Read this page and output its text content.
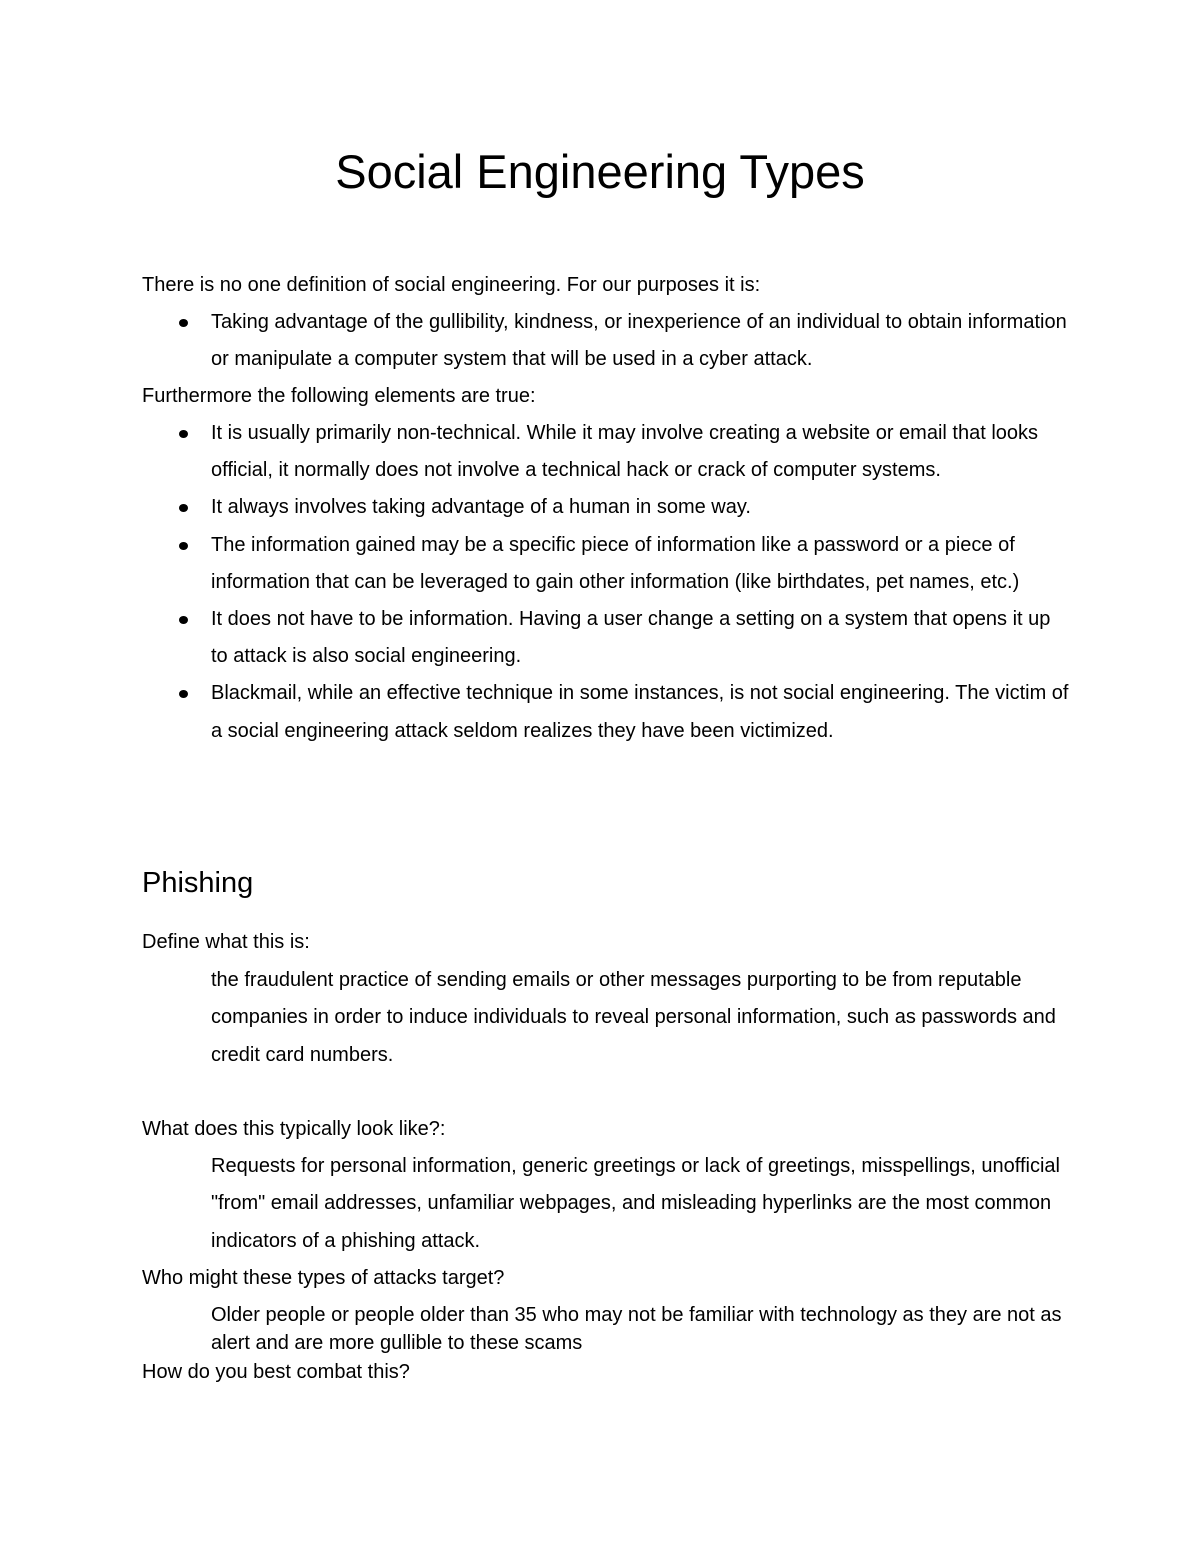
Social Engineering Types

There is no one definition of social engineering. For our purposes it is:

Taking advantage of the gullibility, kindness, or inexperience of an individual to obtain information or manipulate a computer system that will be used in a cyber attack.

Furthermore the following elements are true:

It is usually primarily non-technical. While it may involve creating a website or email that looks official, it normally does not involve a technical hack or crack of computer systems.
It always involves taking advantage of a human in some way.
The information gained may be a specific piece of information like a password or a piece of information that can be leveraged to gain other information (like birthdates, pet names, etc.)
It does not have to be information. Having a user change a setting on a system that opens it up to attack is also social engineering.
Blackmail, while an effective technique in some instances, is not social engineering. The victim of a social engineering attack seldom realizes they have been victimized.
Phishing

Define what this is:

the fraudulent practice of sending emails or other messages purporting to be from reputable companies in order to induce individuals to reveal personal information, such as passwords and credit card numbers.

What does this typically look like?:

Requests for personal information, generic greetings or lack of greetings, misspellings, unofficial "from" email addresses, unfamiliar webpages, and misleading hyperlinks are the most common indicators of a phishing attack.

Who might these types of attacks target?

Older people or people older than 35 who may not be familiar with technology as they are not as alert and are more gullible to these scams

How do you best combat this?
